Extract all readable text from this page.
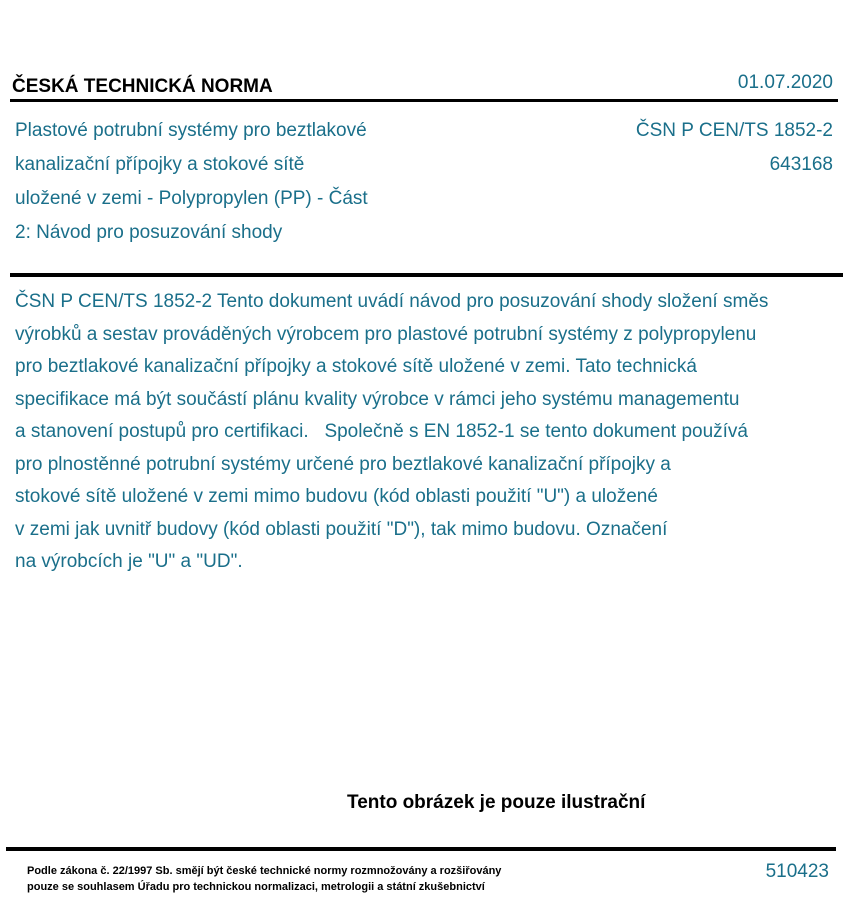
ČESKÁ TECHNICKÁ NORMA	01.07.2020
Plastové potrubní systémy pro beztlakové
kanalizační přípojky a stokové sítě
uložené v zemi - Polypropylen (PP) - Část
2: Návod pro posuzování shody
ČSN P CEN/TS 1852-2
643168
ČSN P CEN/TS 1852-2 Tento dokument uvádí návod pro posuzování shody složení směs
výrobků a sestav prováděných výrobcem pro plastové potrubní systémy z polypropylenu
pro beztlakové kanalizační přípojky a stokové sítě uložené v zemi. Tato technická
specifikace má být součástí plánu kvality výrobce v rámci jeho systému managementu
a stanovení postupů pro certifikaci.   Společně s EN 1852-1 se tento dokument používá
pro plnostěnné potrubní systémy určené pro beztlakové kanalizační přípojky a
stokové sítě uložené v zemi mimo budovu (kód oblasti použití "U") a uložené
v zemi jak uvnitř budovy (kód oblasti použití "D"), tak mimo budovu. Označení
na výrobcích je "U" a "UD".
Tento obrázek je pouze ilustrační
Podle zákona č. 22/1997 Sb. smějí být české technické normy rozmnožovány a rozšiřovány
pouze se souhlasem Úřadu pro technickou normalizaci, metrologii a státní zkušebnictví
510423
